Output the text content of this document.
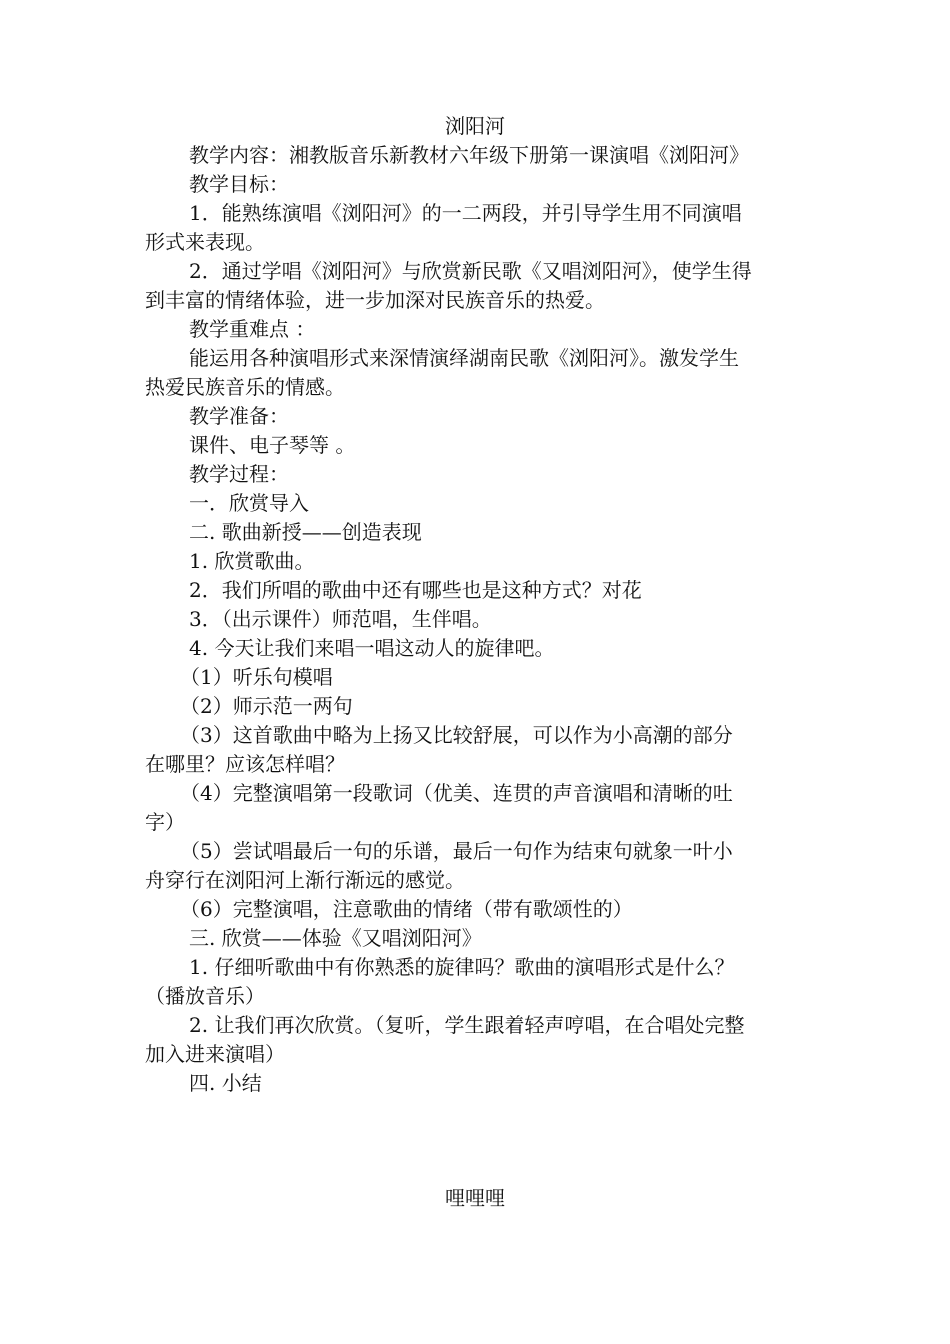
浏阳河
教学内容：湘教版音乐新教材六年级下册第一课演唱《浏阳河》
教学目标：
1．能熟练演唱《浏阳河》的一二两段，并引导学生用不同演唱
形式来表现。
2．通过学唱《浏阳河》与欣赏新民歌《又唱浏阳河》，使学生得
到丰富的情绪体验，进一步加深对民族音乐的热爱。
教学重难点 ：
能运用各种演唱形式来深情演绎湖南民歌《浏阳河》。激发学生
热爱民族音乐的情感。
教学准备：
课件、电子琴等 。
教学过程：
一．欣赏导入
二. 歌曲新授——创造表现
1. 欣赏歌曲。
2．我们所唱的歌曲中还有哪些也是这种方式？对花
3．（出示课件）师范唱，生伴唱。
4. 今天让我们来唱一唱这动人的旋律吧。
（1）听乐句模唱
（2）师示范一两句
（3）这首歌曲中略为上扬又比较舒展，可以作为小高潮的部分
在哪里？应该怎样唱？
（4）完整演唱第一段歌词（优美、连贯的声音演唱和清晰的吐
字）
（5）尝试唱最后一句的乐谱，最后一句作为结束句就象一叶小
舟穿行在浏阳河上渐行渐远的感觉。
（6）完整演唱，注意歌曲的情绪（带有歌颂性的）
三. 欣赏——体验《又唱浏阳河》
1. 仔细听歌曲中有你熟悉的旋律吗？歌曲的演唱形式是什么？
（播放音乐）
2. 让我们再次欣赏。（复听，学生跟着轻声哼唱，在合唱处完整
加入进来演唱）
四. 小结
哩哩哩
